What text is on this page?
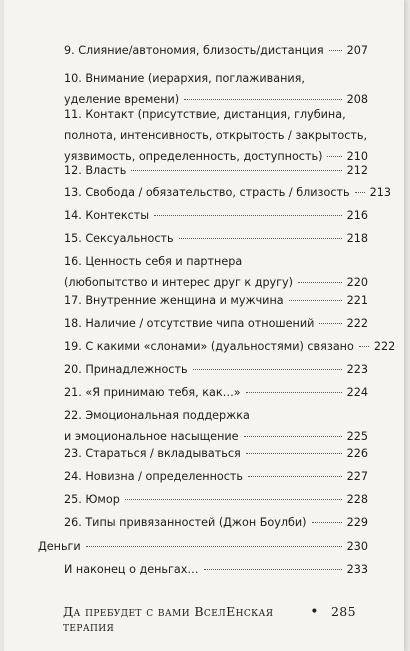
9. Слияние/автономия, близость/дистанция 207
10. Внимание (иерархия, поглаживания,
уделение времени)	208
11. Контакт (присутствие, дистанция, глубина,
полнота, интенсивность, открытость / закрытость,
уязвимость, определенность, доступность) 210
12. Власть	212
13. Свобода / обязательство, страсть / близость 213
14. Контексты	216
15. Сексуальность	218
16. Ценность себя и партнера
(любопытство и интерес друг к другу)	220
17. Внутренние женщина и мужчина	221
18. Наличие / отсутствие чипа отношений	222
19. С какими «слонами» (дуальностями) связано 222
20. Принадлежность	223
21. «Я принимаю тебя, как…»	224
22. Эмоциональная поддержка
и эмоциональное насыщение	225
23. Стараться / вкладываться	226
24. Новизна / определенность	227
25. Юмор	228
26. Типы привязанностей (Джон Боулби)	229
Деньги	230
И наконец о деньгах…	233
Да пребудет с вами ВселЕнская терапия
• 285
